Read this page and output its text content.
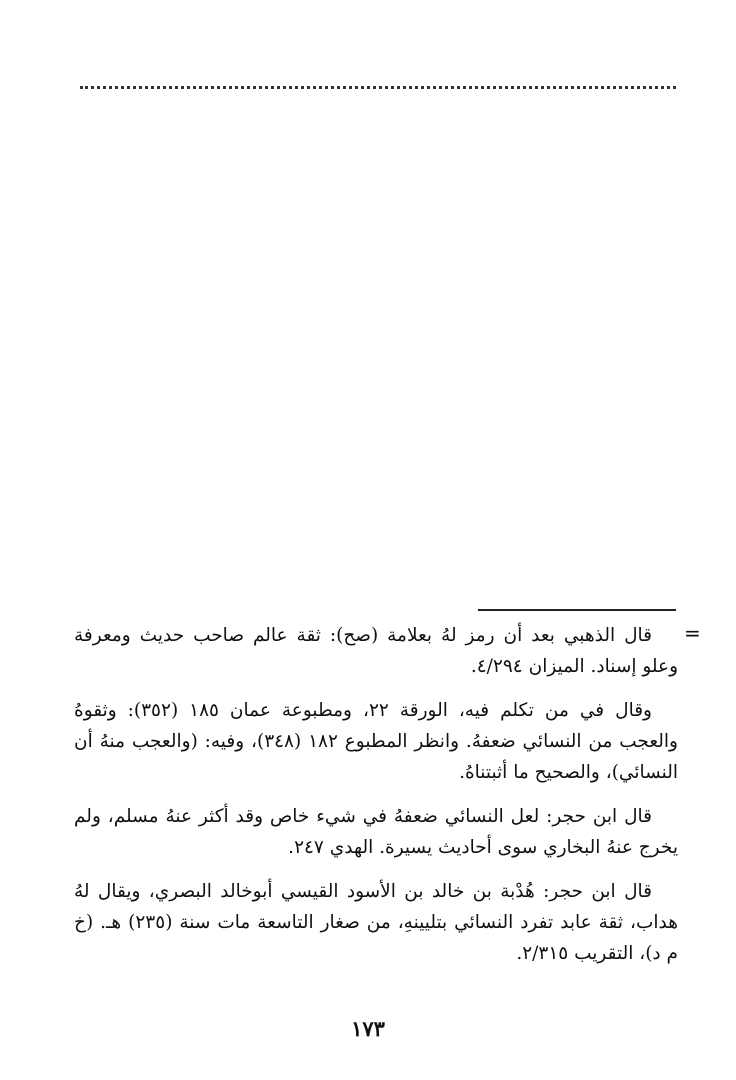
=

قال الذهبي بعد أن رمز لهُ بعلامة (صح): ثقة عالم صاحب حديث ومعرفة وعلو إسناد. الميزان ٤/٢٩٤.

وقال في من تكلم فيه، الورقة ٢٢، ومطبوعة عمان ١٨٥ (٣٥٢): وثقوهُ والعجب من النسائي ضعفهُ. وانظر المطبوع ١٨٢ (٣٤٨)، وفيه: (والعجب منهُ أن النسائي)، والصحيح ما أثبتناهُ.

قال ابن حجر: لعل النسائي ضعفهُ في شيء خاص وقد أكثر عنهُ مسلم، ولم يخرج عنهُ البخاري سوى أحاديث يسيرة. الهدي ٢٤٧.

قال ابن حجر: هُدْبة بن خالد بن الأسود القيسي أبوخالد البصري، ويقال لهُ هداب، ثقة عابد تفرد النسائي بتليينهِ، من صغار التاسعة مات سنة (٢٣٥) هـ. (خ م د)، التقريب ٢/٣١٥.

١٧٣
